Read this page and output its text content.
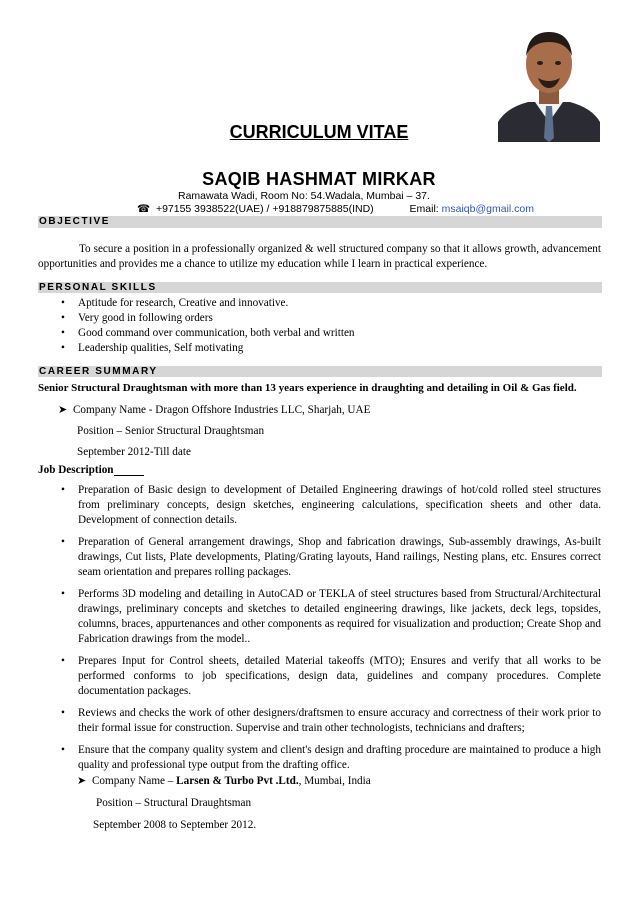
CURRICULUM VITAE
SAQIB HASHMAT MIRKAR
Ramawata Wadi, Room No: 54.Wadala, Mumbai – 37.
☎ +97155 3938522(UAE) / +918879875885(IND)	Email: msaiqb@gmail.com
OBJECTIVE
To secure a position in a professionally organized & well structured company so that it allows growth, advancement opportunities and provides me a chance to utilize my education while I learn in practical experience.
PERSONAL SKILLS
• Aptitude for research, Creative and innovative.
• Very good in following orders
• Good command over communication, both verbal and written
• Leadership qualities, Self motivating
CAREER SUMMARY
Senior Structural Draughtsman with more than 13 years experience in draughting and detailing in Oil & Gas field.
➤ Company Name - Dragon Offshore Industries LLC, Sharjah, UAE
Position – Senior Structural Draughtsman
September 2012-Till date
Job Description
• Preparation of Basic design to development of Detailed Engineering drawings of hot/cold rolled steel structures from preliminary concepts, design sketches, engineering calculations, specification sheets and other data. Development of connection details.
• Preparation of General arrangement drawings, Shop and fabrication drawings, Sub-assembly drawings, As-built drawings, Cut lists, Plate developments, Plating/Grating layouts, Hand railings, Nesting plans, etc. Ensures correct seam orientation and prepares rolling packages.
• Performs 3D modeling and detailing in AutoCAD or TEKLA of steel structures based from Structural/Architectural drawings, preliminary concepts and sketches to detailed engineering drawings, like jackets, deck legs, topsides, columns, braces, appurtenances and other components as required for visualization and production; Create Shop and Fabrication drawings from the model..
• Prepares Input for Control sheets, detailed Material takeoffs (MTO); Ensures and verify that all works to be performed conforms to job specifications, design data, guidelines and company procedures. Complete documentation packages.
• Reviews and checks the work of other designers/draftsmen to ensure accuracy and correctness of their work prior to their formal issue for construction. Supervise and train other technologists, technicians and drafters;
• Ensure that the company quality system and client's design and drafting procedure are maintained to produce a high quality and professional type output from the drafting office.
➤ Company Name – Larsen & Turbo Pvt .Ltd., Mumbai, India
Position – Structural Draughtsman
September 2008 to September 2012.
